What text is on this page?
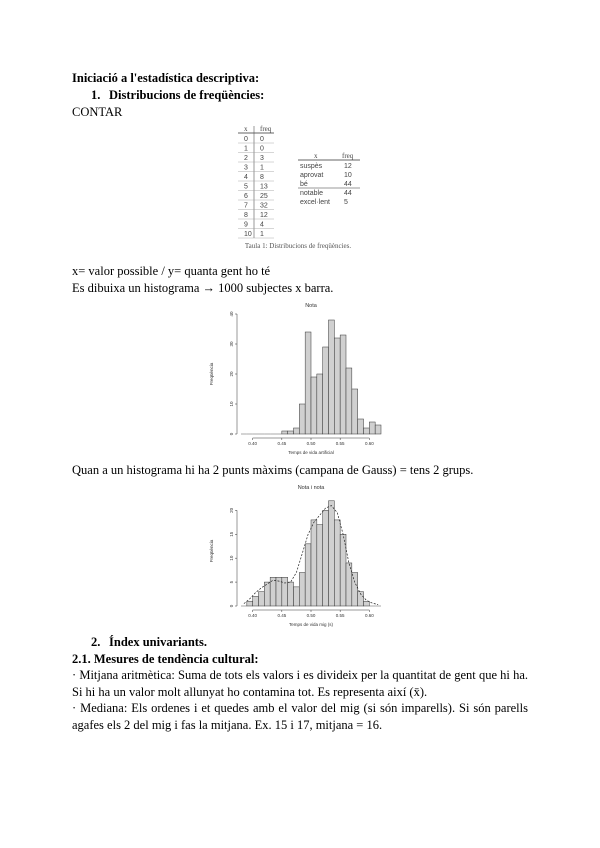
Iniciació a l'estadística descriptiva:
1. Distribucions de freqüències:
CONTAR
x freq
0 0
1 0
2 3
3 1
4 8
5 13
6 25
7 32
8 12
9 4
10 1
x	freq
suspès	12
aprovat	10
bé	44
notable	44
excel·lent 5
Taula 1: Distribucions de freqüències.
x= valor possible / y= quanta gent ho té
Es dibuixa un histograma → 1000 subjectes x barra.
Nota
0
10
20
30
40
Freqüència
0.40	0.45	0.50	0.55	0.60
Temps de vida artificial
Quan a un histograma hi ha 2 punts màxims (campana de Gauss) = tens 2 grups.
Nota i nota
0
5
10
15
20
Freqüència
0.40	0.45	0.50	0.55	0.60
Temps de vida mig (s)
2. Índex univariants.
2.1. Mesures de tendència cultural:
· Mitjana aritmètica: Suma de tots els valors i es divideix per la quantitat de gent que hi ha. Si hi ha un valor molt allunyat ho contamina tot. Es representa així (x̄).
· Mediana: Els ordenes i et quedes amb el valor del mig (si són imparells). Si són parells agafes els 2 del mig i fas la mitjana. Ex. 15 i 17, mitjana = 16.
